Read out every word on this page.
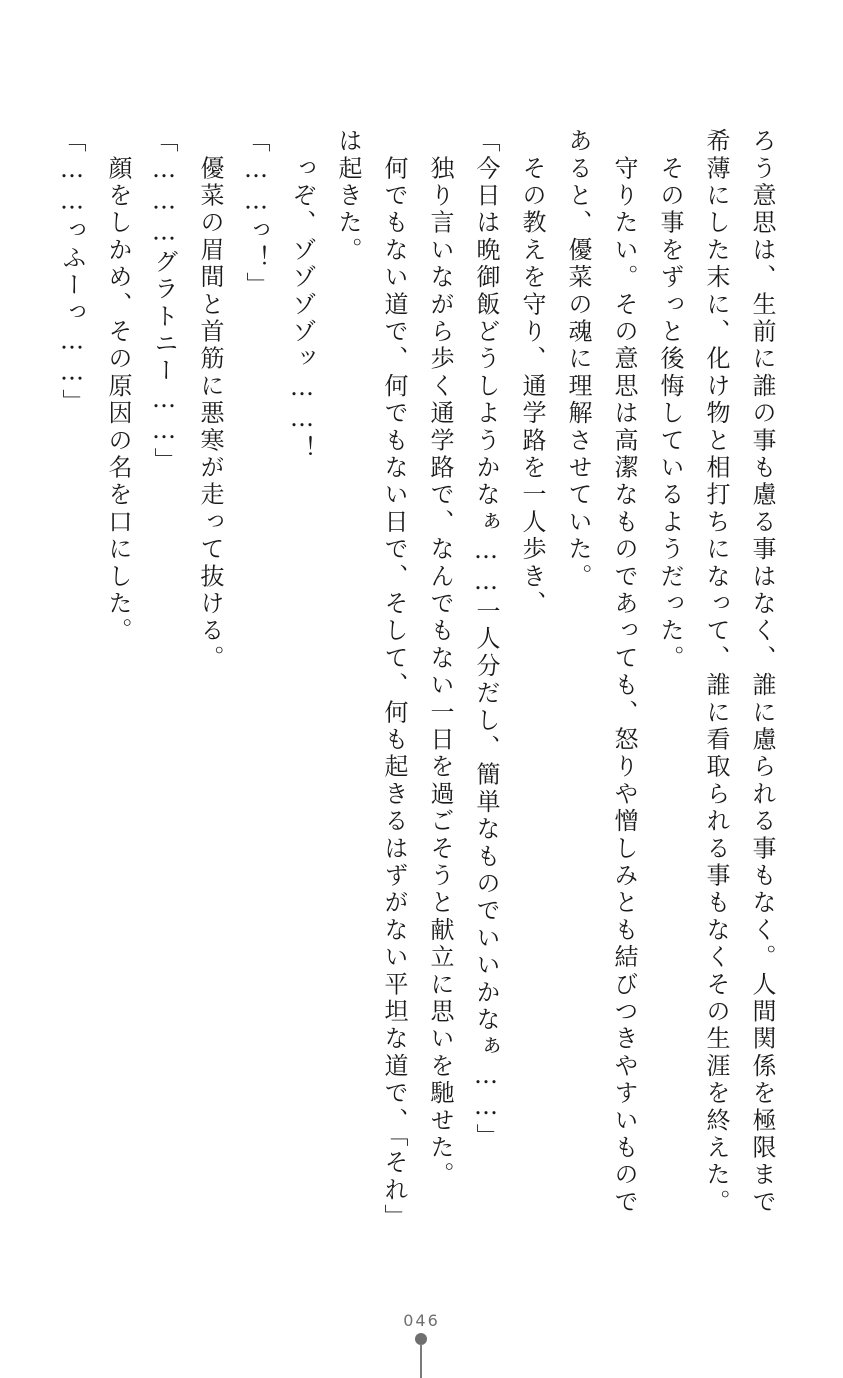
ろう意思は、生前に誰の事も慮る事はなく、誰に慮られる事もなく。人間関係を極限まで
希薄にした末に、化け物と相打ちになって、誰に看取られる事もなくその生涯を終えた。
　その事をずっと後悔しているようだった。
　守りたい。その意思は高潔なものであっても、怒りや憎しみとも結びつきやすいもので
あると、優菜の魂に理解させていた。
　その教えを守り、通学路を一人歩き、
「今日は晩御飯どうしようかなぁ……一人分だし、簡単なものでいいかなぁ……」
　独り言いながら歩く通学路で、なんでもない一日を過ごそうと献立に思いを馳せた。
　何でもない道で、何でもない日で、そして、何も起きるはずがない平坦な道で、「それ」
は起きた。
　っぞ、ゾゾゾゾッ……！
「……っ！」
　優菜の眉間と首筋に悪寒が走って抜ける。
「………グラトニー……」
　顔をしかめ、その原因の名を口にした。
「……っふーっ……」
046
